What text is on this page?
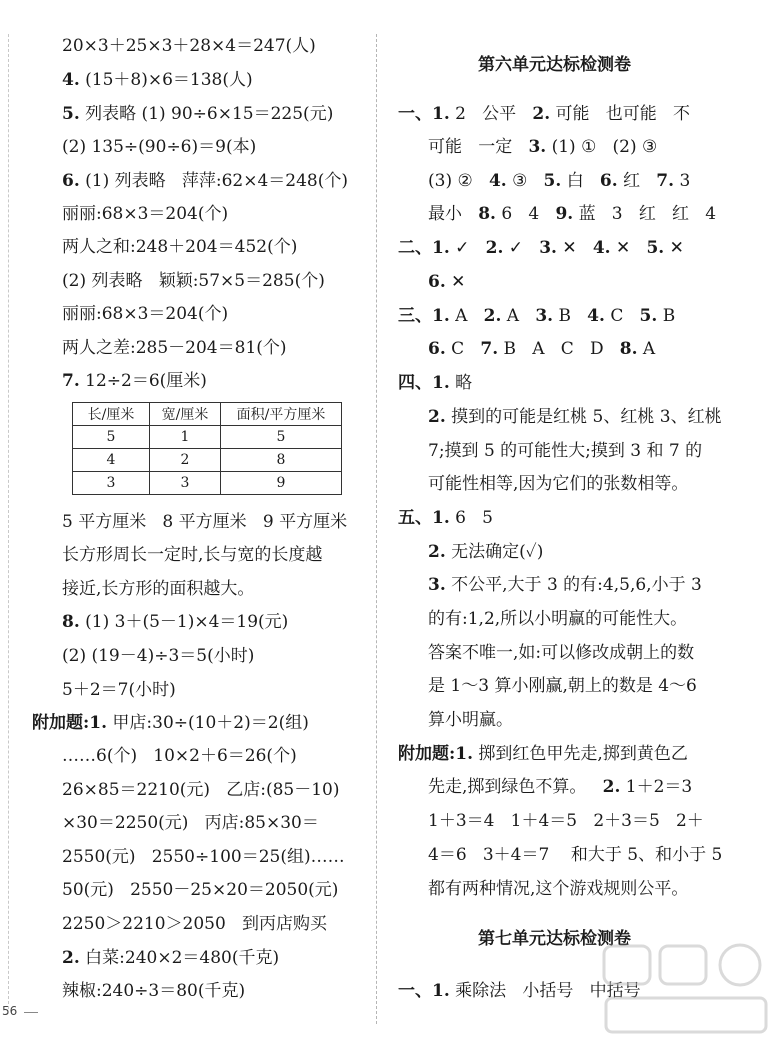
20×3＋25×3＋28×4＝247(人)
4. (15＋8)×6＝138(人)
5. 列表略 (1) 90÷6×15＝225(元)
(2) 135÷(90÷6)＝9(本)
6. (1) 列表略   萍萍:62×4＝248(个)
丽丽:68×3＝204(个)
两人之和:248＋204＝452(个)
(2) 列表略   颖颖:57×5＝285(个)
丽丽:68×3＝204(个)
两人之差:285－204＝81(个)
7. 12÷2＝6(厘米)
长/厘米	宽/厘米	面积/平方厘米
5	1	5
4	2	8
3	3	9
5 平方厘米   8 平方厘米   9 平方厘米
长方形周长一定时,长与宽的长度越
接近,长方形的面积越大。
8. (1) 3＋(5－1)×4＝19(元)
(2) (19－4)÷3＝5(小时)
5＋2＝7(小时)
附加题:1. 甲店:30÷(10＋2)＝2(组)
……6(个)   10×2＋6＝26(个)
26×85＝2210(元)   乙店:(85－10)
×30＝2250(元)   丙店:85×30＝
2550(元)   2550÷100＝25(组)……
50(元)   2550－25×20＝2050(元)
2250＞2210＞2050   到丙店购买
2. 白菜:240×2＝480(千克)
辣椒:240÷3＝80(千克)
56
第六单元达标检测卷
一、1. 2   公平   2. 可能   也可能   不
可能   一定   3. (1) ①   (2) ③
(3) ②   4. ③   5. 白   6. 红   7. 3
最小   8. 6   4   9. 蓝   3   红   红   4
二、1. ✓   2. ✓   3. ✕   4. ✕   5. ✕
6. ✕
三、1. A   2. A   3. B   4. C   5. B
6. C   7. B   A   C   D   8. A
四、1. 略
2. 摸到的可能是红桃 5、红桃 3、红桃
7;摸到 5 的可能性大;摸到 3 和 7 的
可能性相等,因为它们的张数相等。
五、1. 6   5
2. 无法确定(✓)
3. 不公平,大于 3 的有:4,5,6,小于 3
的有:1,2,所以小明赢的可能性大。
答案不唯一,如:可以修改成朝上的数
是 1～3 算小刚赢,朝上的数是 4～6
算小明赢。
附加题:1. 掷到红色甲先走,掷到黄色乙
先走,掷到绿色不算。   2. 1＋2＝3
1＋3＝4   1＋4＝5   2＋3＝5   2＋
4＝6   3＋4＝7    和大于 5、和小于 5
都有两种情况,这个游戏规则公平。
第七单元达标检测卷
一、1. 乘除法   小括号   中括号
